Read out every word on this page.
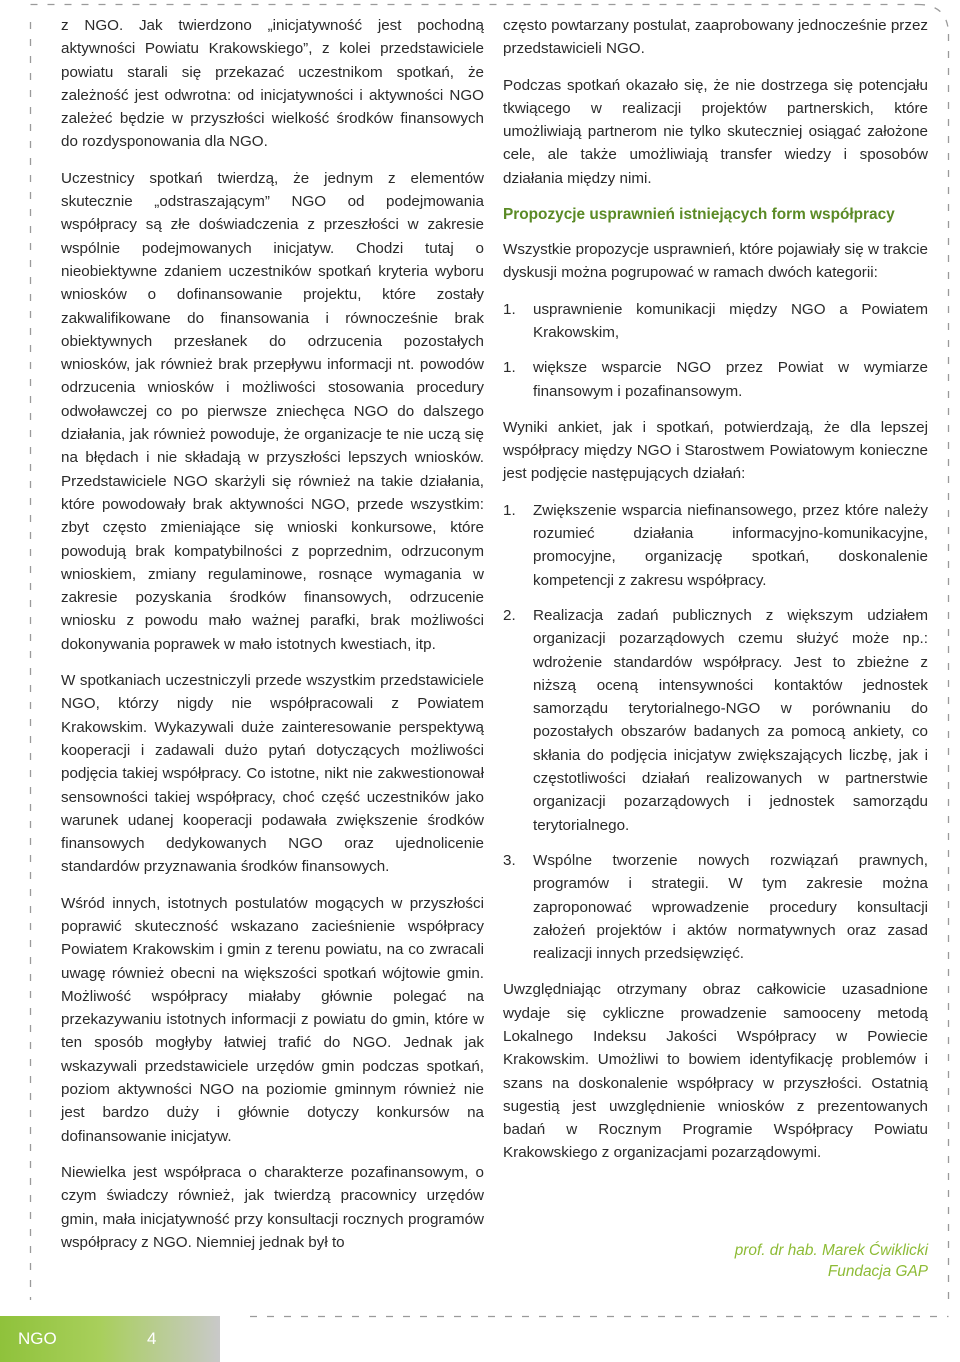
z NGO. Jak twierdzono „inicjatywność jest pochodną aktywności Powiatu Krakowskiego”, z kolei przedstawiciele powiatu starali się przekazać uczestnikom spotkań, że zależność jest odwrotna: od inicjatywności i aktywności NGO zależeć będzie w przyszłości wielkość środków finansowych do rozdysponowania dla NGO.

Uczestnicy spotkań twierdzą, że jednym z elementów skutecznie „odstraszającym” NGO od podejmowania współpracy są złe doświadczenia z przeszłości w zakresie wspólnie podejmowanych inicjatyw. Chodzi tutaj o nieobiektywne zdaniem uczestników spotkań kryteria wyboru wniosków o dofinansowanie projektu, które zostały zakwalifikowane do finansowania i równocześnie brak obiektywnych przesłanek do odrzucenia pozostałych wniosków, jak również brak przepływu informacji nt. powodów odrzucenia wniosków i możliwości stosowania procedury odwoławczej co po pierwsze zniechęca NGO do dalszego działania, jak również powoduje, że organizacje te nie uczą się na błędach i nie składają w przyszłości lepszych wniosków. Przedstawiciele NGO skarżyli się również na takie działania, które powodowały brak aktywności NGO, przede wszystkim: zbyt często zmieniające się wnioski konkursowe, które powodują brak kompatybilności z poprzednim, odrzuconym wnioskiem, zmiany regulaminowe, rosnące wymagania w zakresie pozyskania środków finansowych, odrzucenie wniosku z powodu mało ważnej parafki, brak możliwości dokonywania poprawek w mało istotnych kwestiach, itp.

W spotkaniach uczestniczyli przede wszystkim przedstawiciele NGO, którzy nigdy nie współpracowali z Powiatem Krakowskim. Wykazywali duże zainteresowanie perspektywą kooperacji i zadawali dużo pytań dotyczących możliwości podjęcia takiej współpracy. Co istotne, nikt nie zakwestionował sensowności takiej współpracy, choć część uczestników jako warunek udanej kooperacji podawała zwiększenie środków finansowych dedykowanych NGO oraz ujednolicenie standardów przyznawania środków finansowych.

Wśród innych, istotnych postulatów mogących w przyszłości poprawić skuteczność wskazano zacieśnienie współpracy Powiatem Krakowskim i gmin z terenu powiatu, na co zwracali uwagę również obecni na większości spotkań wójtowie gmin. Możliwość współpracy miałaby głównie polegać na przekazywaniu istotnych informacji z powiatu do gmin, które w ten sposób mogłyby łatwiej trafić do NGO. Jednak jak wskazywali przedstawiciele urzędów gmin podczas spotkań, poziom aktywności NGO na poziomie gminnym również nie jest bardzo duży i głównie dotyczy konkursów na dofinansowanie inicjatyw.

Niewielka jest współpraca o charakterze pozafinansowym, o czym świadczy również, jak twierdzą pracownicy urzędów gmin, mała inicjatywność przy konsultacji rocznych programów współpracy z NGO. Niemniej jednak był to

często powtarzany postulat, zaaprobowany jednocześnie przez przedstawicieli NGO.

Podczas spotkań okazało się, że nie dostrzega się potencjału tkwiącego w realizacji projektów partnerskich, które umożliwiają partnerom nie tylko skuteczniej osiągać założone cele, ale także umożliwiają transfer wiedzy i sposobów działania między nimi.

Propozycje usprawnień istniejących form współpracy

Wszystkie propozycje usprawnień, które pojawiały się w trakcie dyskusji można pogrupować w ramach dwóch kategorii:

1. usprawnienie komunikacji między NGO a Powiatem Krakowskim,
1. większe wsparcie NGO przez Powiat w wymiarze finansowym i pozafinansowym.

Wyniki ankiet, jak i spotkań, potwierdzają, że dla lepszej współpracy między NGO i Starostwem Powiatowym konieczne jest podjęcie następujących działań:

1. Zwiększenie wsparcia niefinansowego, przez które należy rozumieć działania informacyjno-komunikacyjne, promocyjne, organizację spotkań, doskonalenie kompetencji z zakresu współpracy.
2. Realizacja zadań publicznych z większym udziałem organizacji pozarządowych czemu służyć może np.: wdrożenie standardów współpracy. Jest to zbieżne z niższą oceną intensywności kontaktów jednostek samorządu terytorialnego-NGO w porównaniu do pozostałych obszarów badanych za pomocą ankiety, co skłania do podjęcia inicjatyw zwiększających liczbę, jak i częstotliwości działań realizowanych w partnerstwie organizacji pozarządowych i jednostek samorządu terytorialnego.
3. Wspólne tworzenie nowych rozwiązań prawnych, programów i strategii. W tym zakresie można zaproponować wprowadzenie procedury konsultacji założeń projektów i aktów normatywnych oraz zasad realizacji innych przedsięwzięć.

Uwzględniając otrzymany obraz całkowicie uzasadnione wydaje się cykliczne prowadzenie samooceny metodą Lokalnego Indeksu Jakości Współpracy w Powiecie Krakowskim. Umożliwi to bowiem identyfikację problemów i szans na doskonalenie współpracy w przyszłości. Ostatnią sugestią jest uwzględnienie wniosków z prezentowanych badań w Rocznym Programie Współpracy Powiatu Krakowskiego z organizacjami pozarządowymi.

prof. dr hab. Marek Ćwiklicki
Fundacja GAP
NGO	4
